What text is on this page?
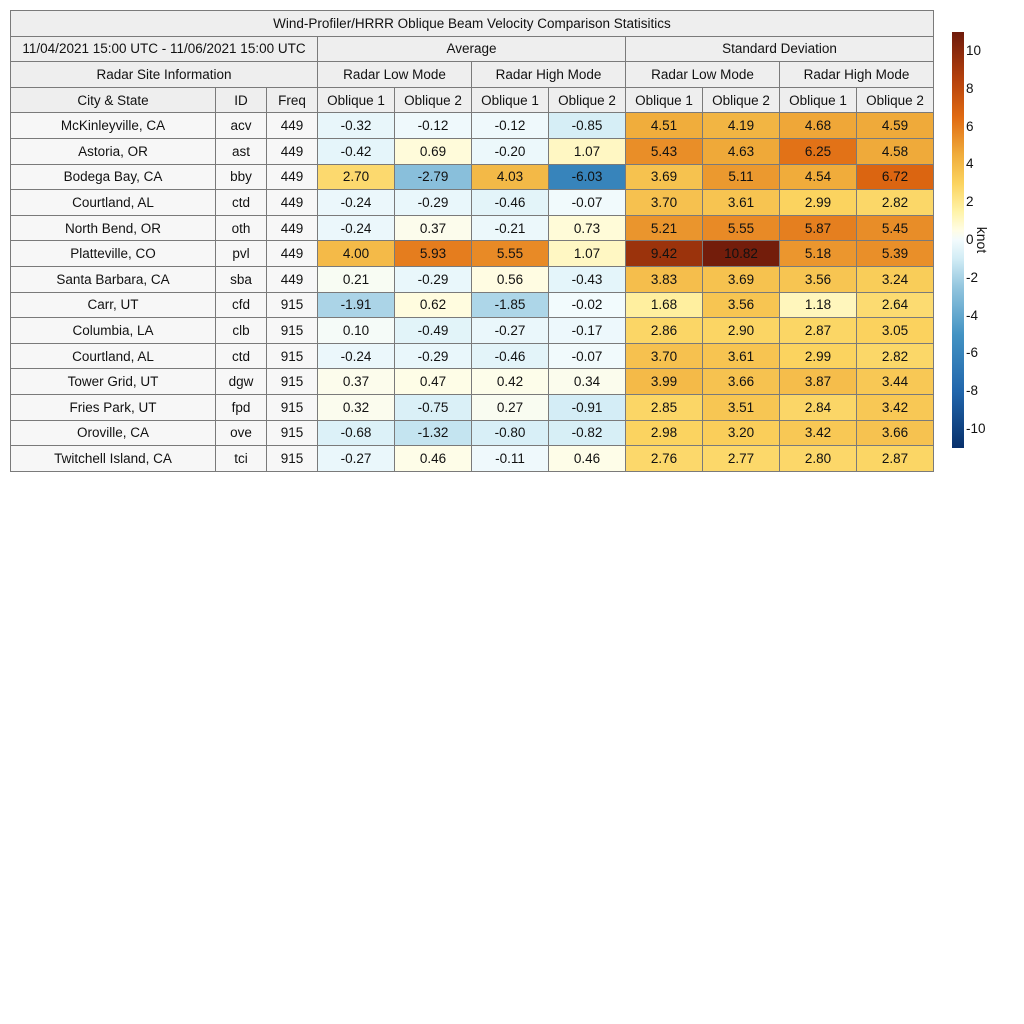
Wind-Profiler/HRRR Oblique Beam Velocity Comparison Statisitics										
11/04/2021 15:00 UTC - 11/06/2021 15:00 UTC			Average				Standard Deviation			
Radar Site Information			Radar Low Mode		Radar High Mode		Radar Low Mode		Radar High Mode	
City & State	ID	Freq	Oblique 1	Oblique 2	Oblique 1	Oblique 2	Oblique 1	Oblique 2	Oblique 1	Oblique 2
McKinleyville, CA	acv	449	-0.32	-0.12	-0.12	-0.85	4.51	4.19	4.68	4.59
Astoria, OR	ast	449	-0.42	0.69	-0.20	1.07	5.43	4.63	6.25	4.58
Bodega Bay, CA	bby	449	2.70	-2.79	4.03	-6.03	3.69	5.11	4.54	6.72
Courtland, AL	ctd	449	-0.24	-0.29	-0.46	-0.07	3.70	3.61	2.99	2.82
North Bend, OR	oth	449	-0.24	0.37	-0.21	0.73	5.21	5.55	5.87	5.45
Platteville, CO	pvl	449	4.00	5.93	5.55	1.07	9.42	10.82	5.18	5.39
Santa Barbara, CA	sba	449	0.21	-0.29	0.56	-0.43	3.83	3.69	3.56	3.24
Carr, UT	cfd	915	-1.91	0.62	-1.85	-0.02	1.68	3.56	1.18	2.64
Columbia, LA	clb	915	0.10	-0.49	-0.27	-0.17	2.86	2.90	2.87	3.05
Courtland, AL	ctd	915	-0.24	-0.29	-0.46	-0.07	3.70	3.61	2.99	2.82
Tower Grid, UT	dgw	915	0.37	0.47	0.42	0.34	3.99	3.66	3.87	3.44
Fries Park, UT	fpd	915	0.32	-0.75	0.27	-0.91	2.85	3.51	2.84	3.42
Oroville, CA	ove	915	-0.68	-1.32	-0.80	-0.82	2.98	3.20	3.42	3.66
Twitchell Island, CA	tci	915	-0.27	0.46	-0.11	0.46	2.76	2.77	2.80	2.87
10
8
6
4
2
0
-2
-4
-6
-8
-10
knot
